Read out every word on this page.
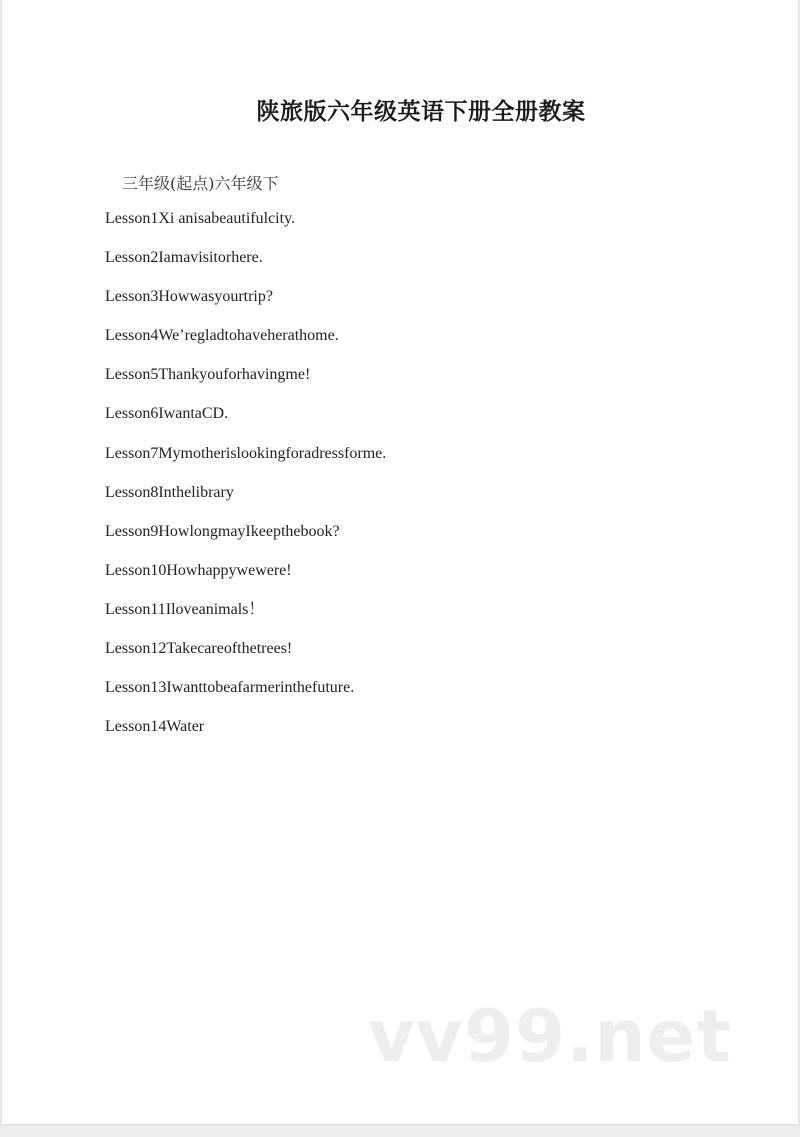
陕旅版六年级英语下册全册教案

三年级(起点)六年级下

Lesson1Xi anisabeautifulcity.
Lesson2Iamavisitorhere.
Lesson3Howwasyourtrip?
Lesson4We’regladtohaveherathome.
Lesson5Thankyouforhavingme!
Lesson6IwantaCD.
Lesson7Mymotherislookingforadressforme.
Lesson8Inthelibrary
Lesson9HowlongmayIkeepthebook?
Lesson10Howhappywewere!
Lesson11Iloveanimals！
Lesson12Takecareofthetrees!
Lesson13Iwanttobeafarmerinthefuture.
Lesson14Water
vv99.net
